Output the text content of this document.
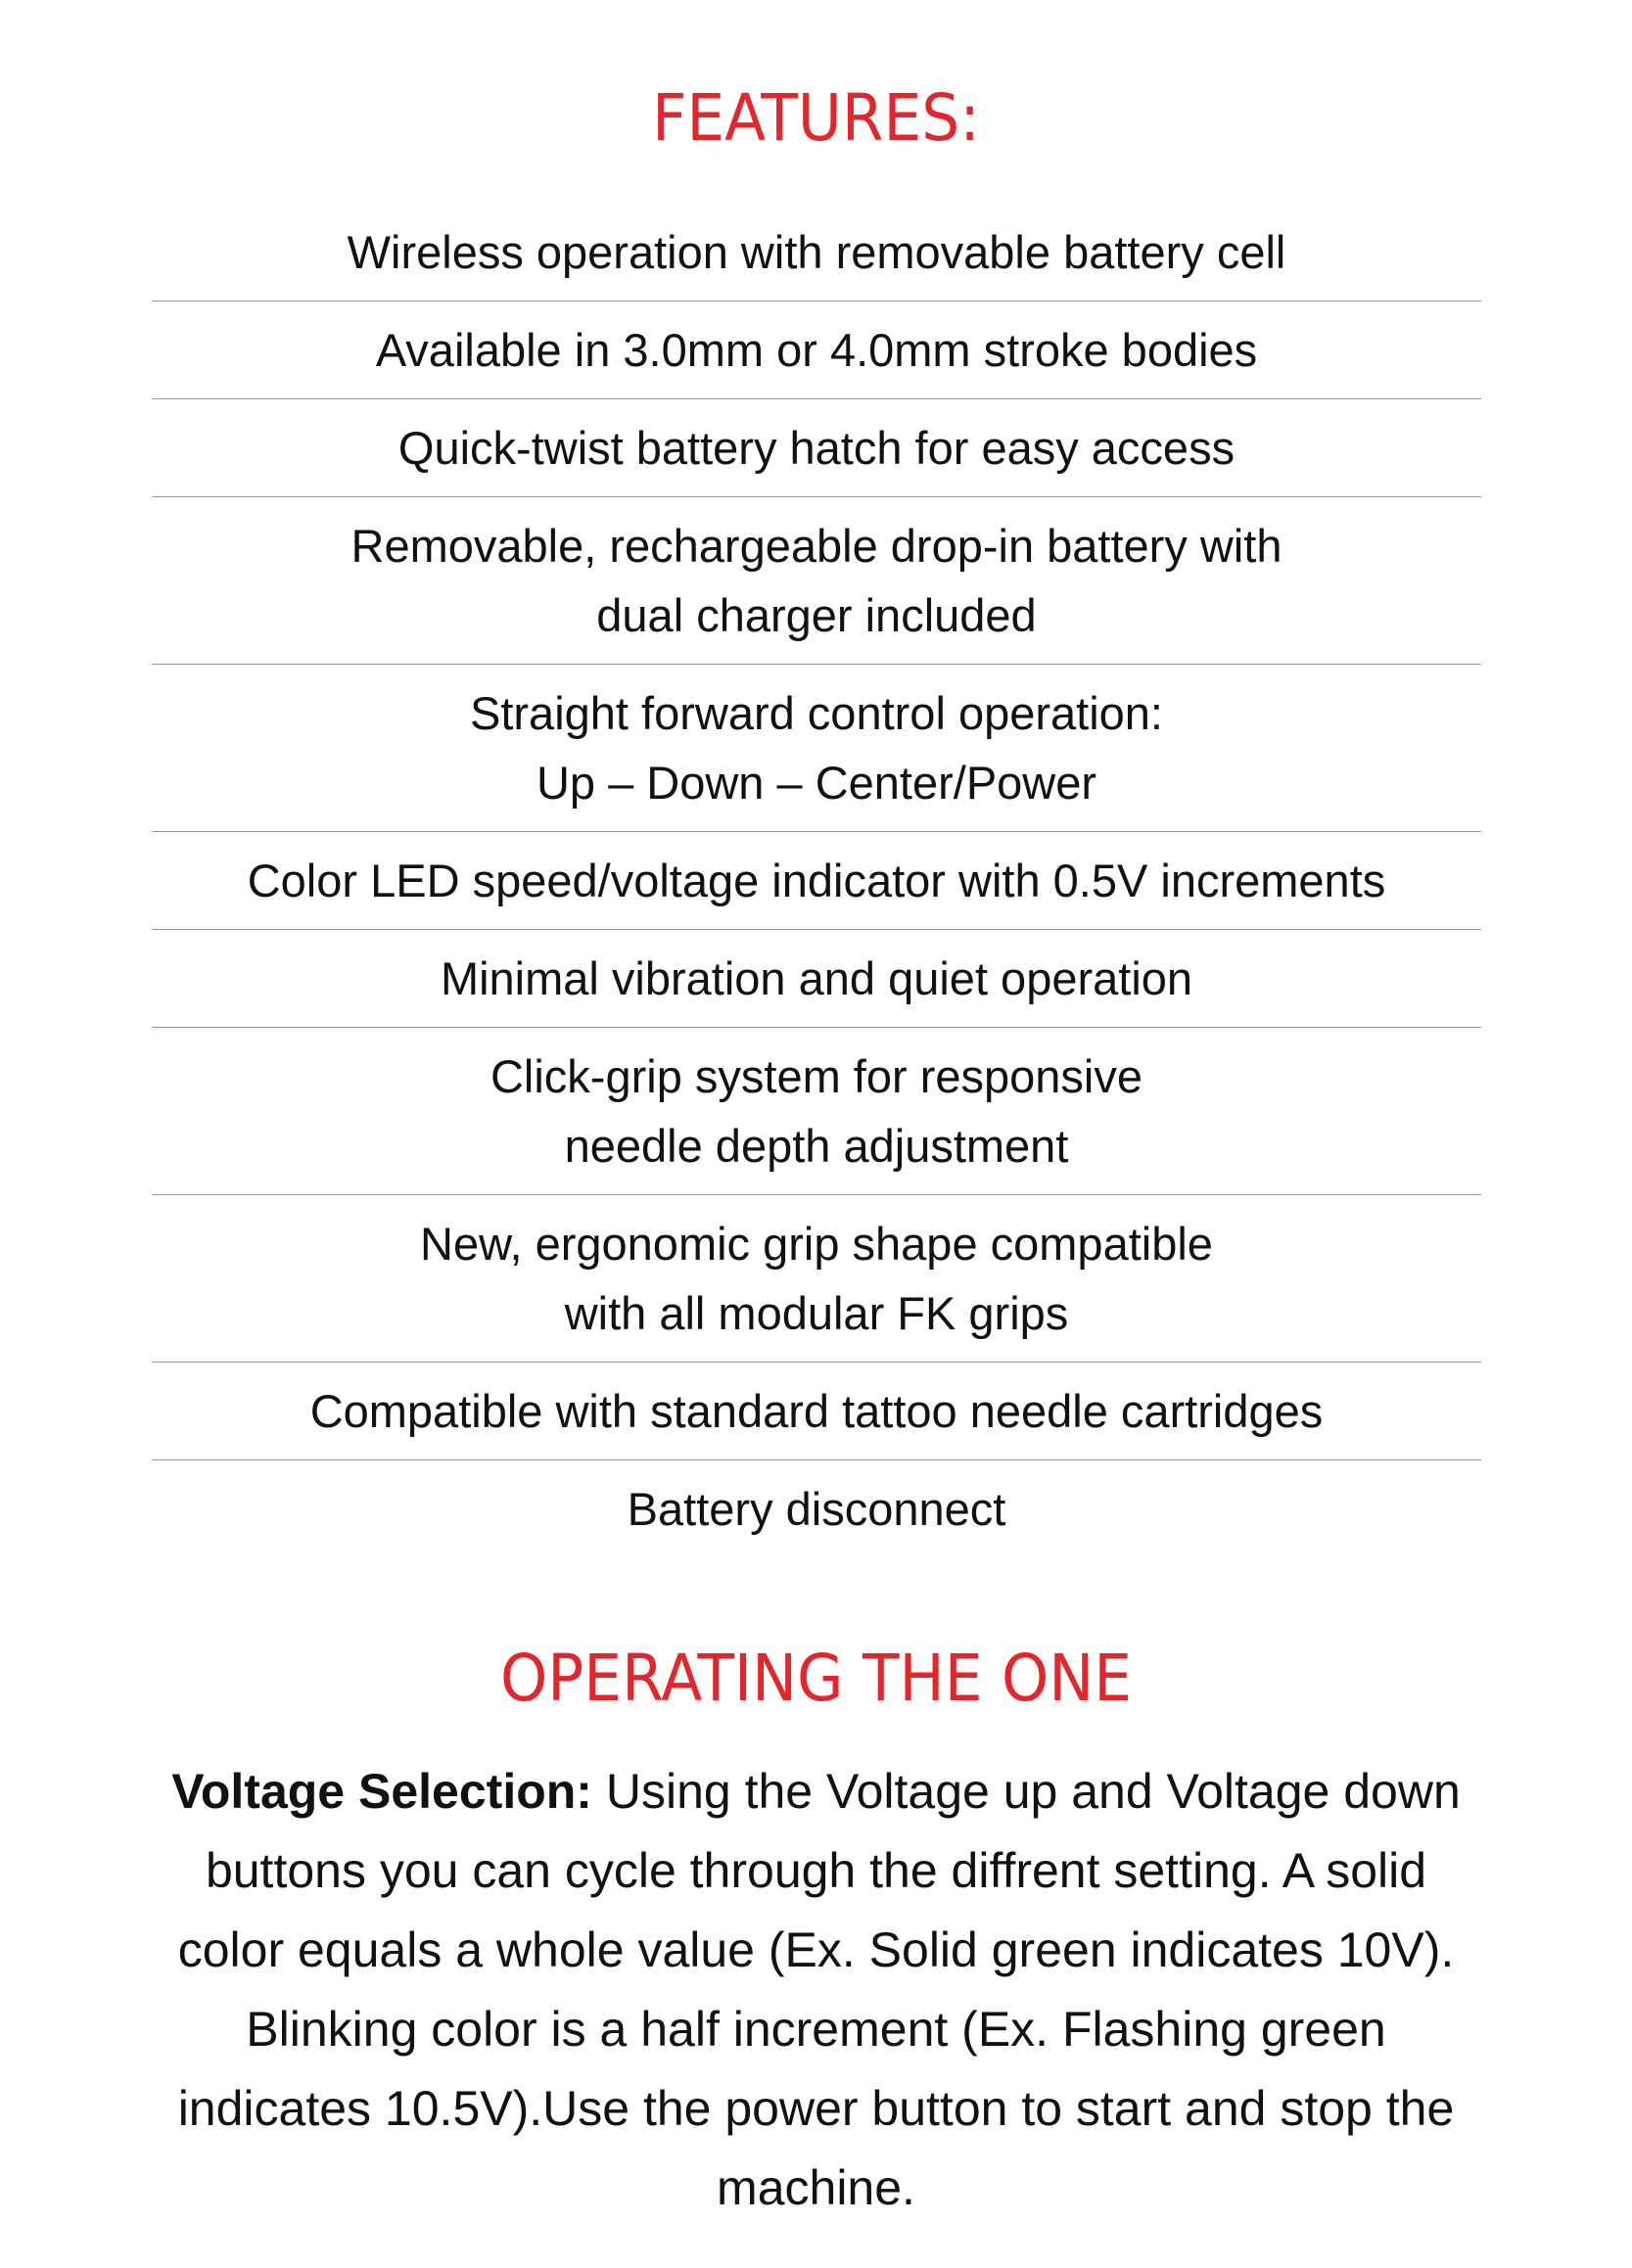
FEATURES:
Wireless operation with removable battery cell
Available in 3.0mm or 4.0mm stroke bodies
Quick-twist battery hatch for easy access
Removable, rechargeable drop-in battery with
dual charger included
Straight forward control operation:
Up – Down – Center/Power
Color LED speed/voltage indicator with 0.5V increments
Minimal vibration and quiet operation
Click-grip system for responsive
needle depth adjustment
New, ergonomic grip shape compatible
with all modular FK grips
Compatible with standard tattoo needle cartridges
Battery disconnect
OPERATING THE ONE

Voltage Selection: Using the Voltage up and Voltage down buttons you can cycle through the diffrent setting. A solid color equals a whole value (Ex. Solid green indicates 10V). Blinking color is a half increment (Ex. Flashing green indicates 10.5V).Use the power button to start and stop the machine.
